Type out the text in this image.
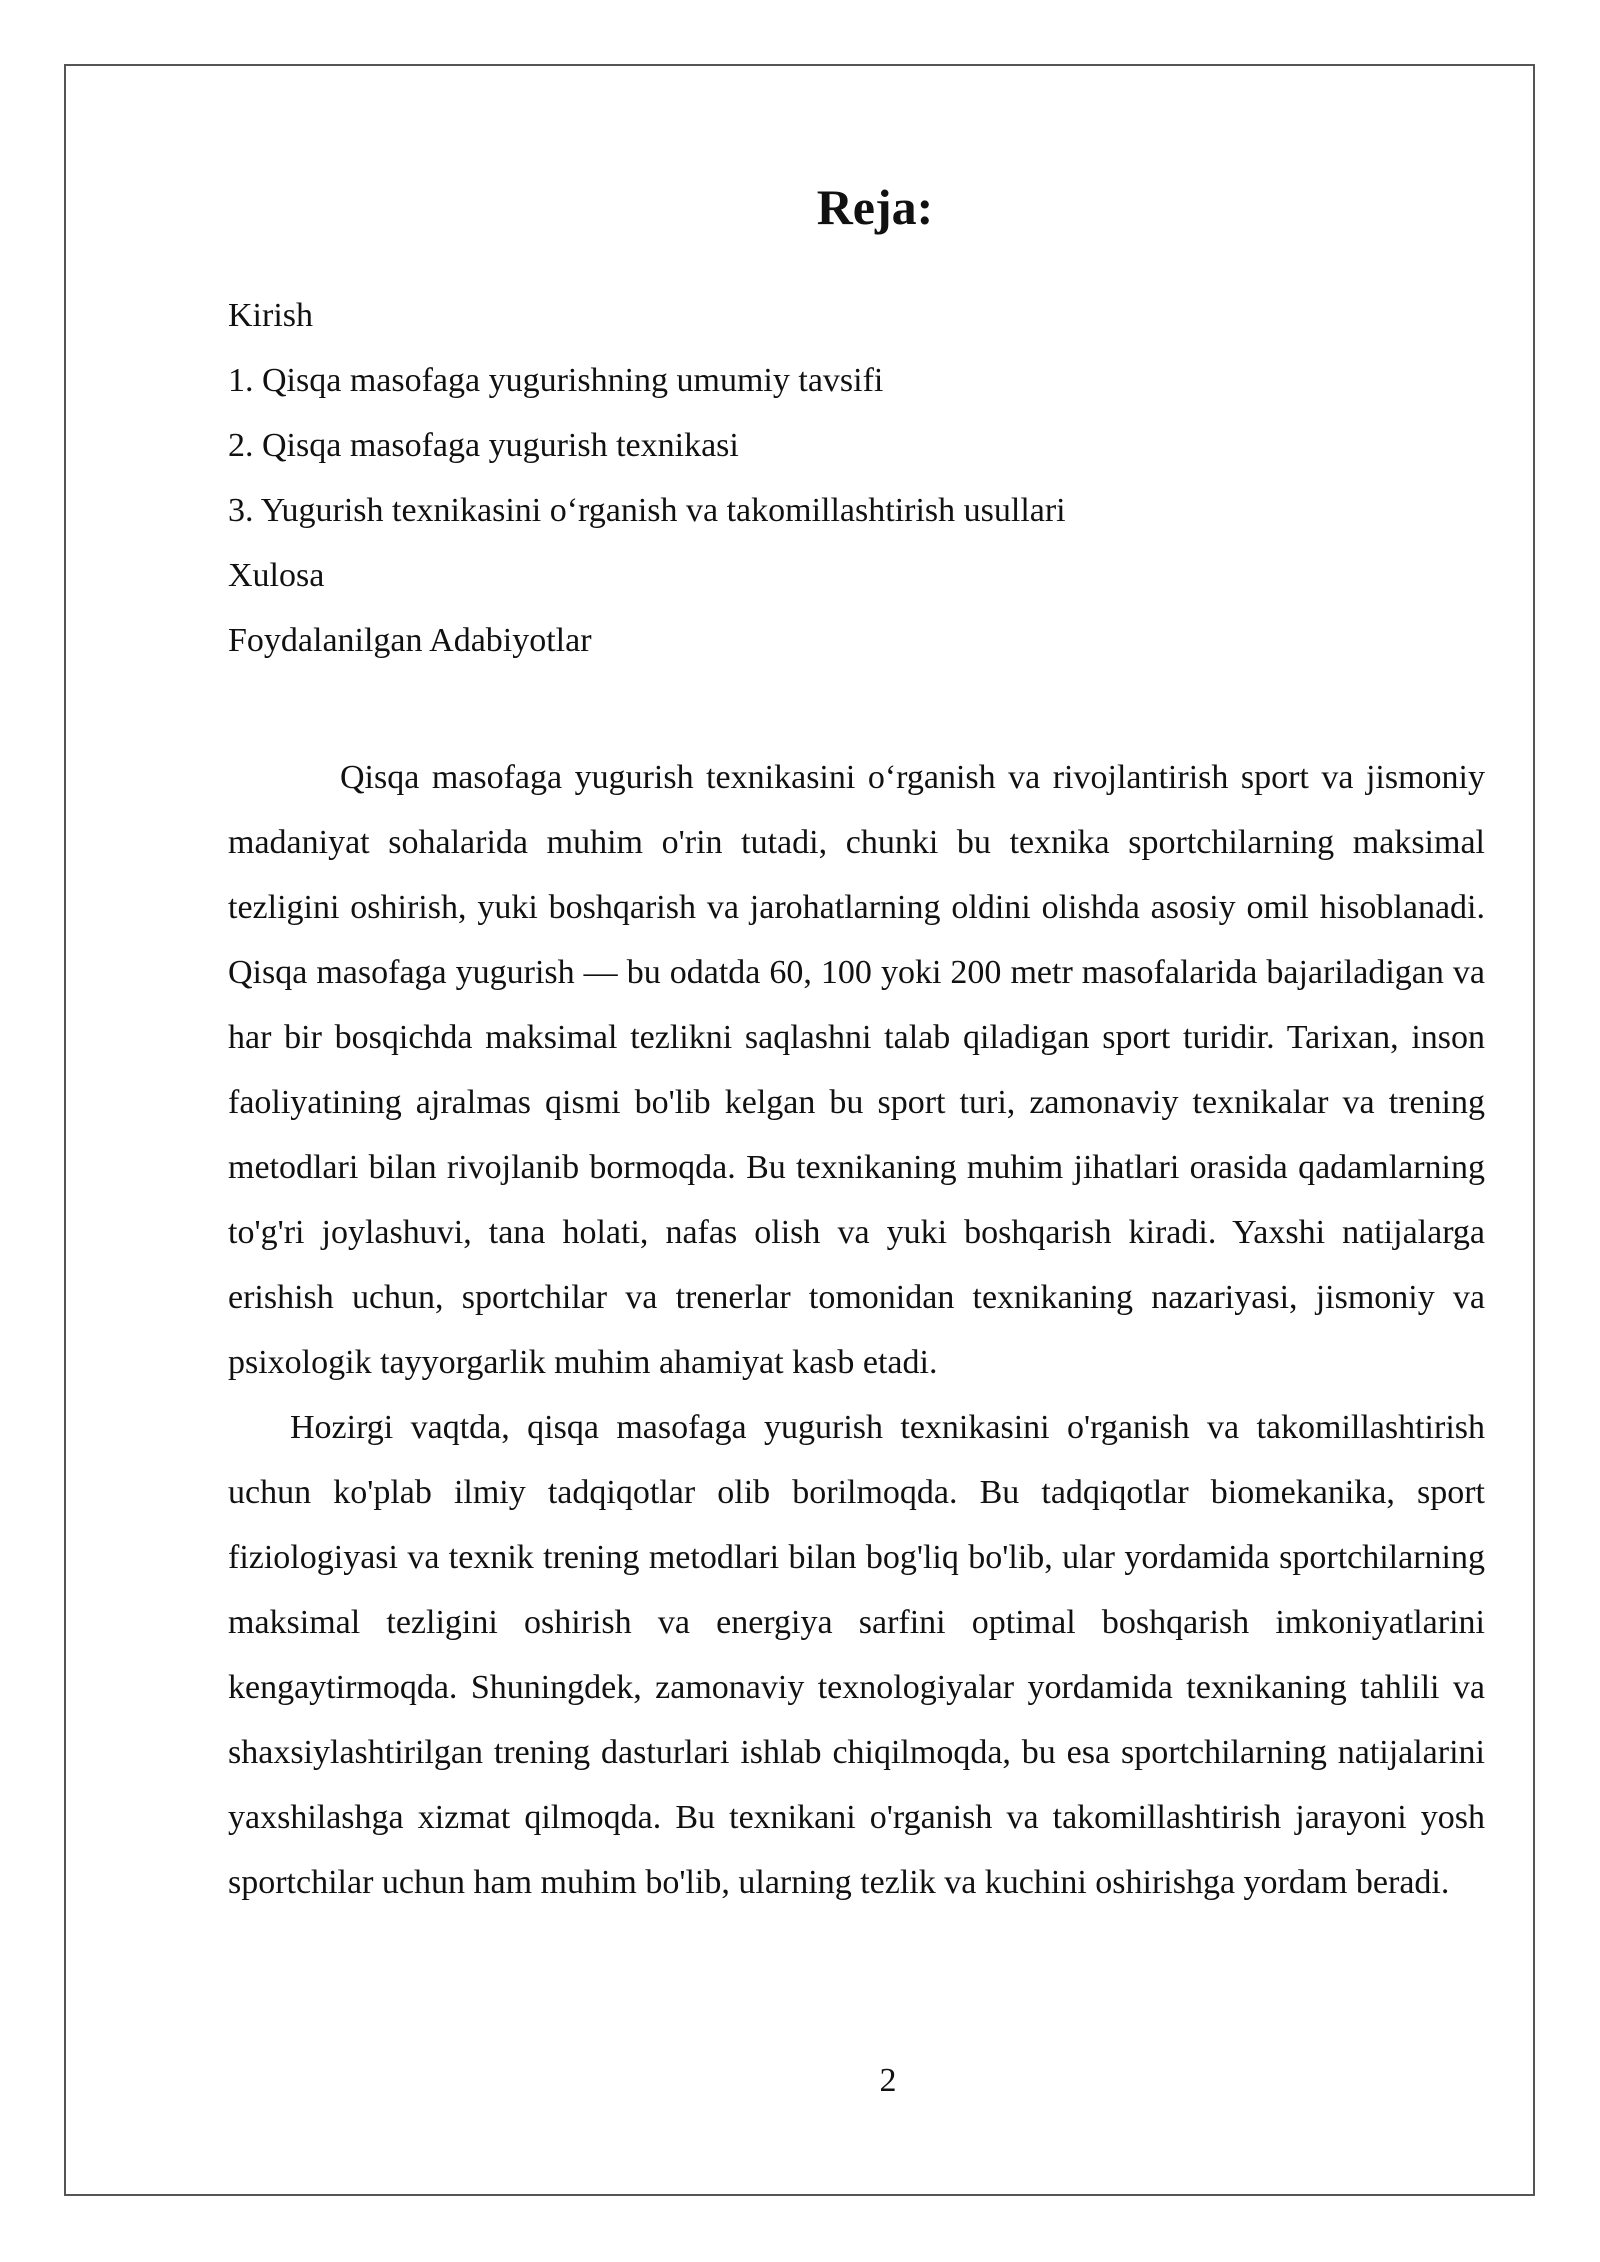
Reja:
Kirish
1. Qisqa masofaga yugurishning umumiy tavsifi
2. Qisqa masofaga yugurish texnikasi
3. Yugurish texnikasini o‘rganish va takomillashtirish usullari
Xulosa
Foydalanilgan Adabiyotlar

Qisqa masofaga yugurish texnikasini o‘rganish va rivojlantirish sport va jismoniy madaniyat sohalarida muhim o'rin tutadi, chunki bu texnika sportchilarning maksimal tezligini oshirish, yuki boshqarish va jarohatlarning oldini olishda asosiy omil hisoblanadi. Qisqa masofaga yugurish — bu odatda 60, 100 yoki 200 metr masofalarida bajariladigan va har bir bosqichda maksimal tezlikni saqlashni talab qiladigan sport turidir. Tarixan, inson faoliyatining ajralmas qismi bo'lib kelgan bu sport turi, zamonaviy texnikalar va trening metodlari bilan rivojlanib bormoqda. Bu texnikaning muhim jihatlari orasida qadamlarning to'g'ri joylashuvi, tana holati, nafas olish va yuki boshqarish kiradi. Yaxshi natijalarga erishish uchun, sportchilar va trenerlar tomonidan texnikaning nazariyasi, jismoniy va psixologik tayyorgarlik muhim ahamiyat kasb etadi.

Hozirgi vaqtda, qisqa masofaga yugurish texnikasini o'rganish va takomillashtirish uchun ko'plab ilmiy tadqiqotlar olib borilmoqda. Bu tadqiqotlar biomekanika, sport fiziologiyasi va texnik trening metodlari bilan bog'liq bo'lib, ular yordamida sportchilarning maksimal tezligini oshirish va energiya sarfini optimal boshqarish imkoniyatlarini kengaytirmoqda. Shuningdek, zamonaviy texnologiyalar yordamida texnikaning tahlili va shaxsiylashtirilgan trening dasturlari ishlab chiqilmoqda, bu esa sportchilarning natijalarini yaxshilashga xizmat qilmoqda. Bu texnikani o'rganish va takomillashtirish jarayoni yosh sportchilar uchun ham muhim bo'lib, ularning tezlik va kuchini oshirishga yordam beradi.

2
